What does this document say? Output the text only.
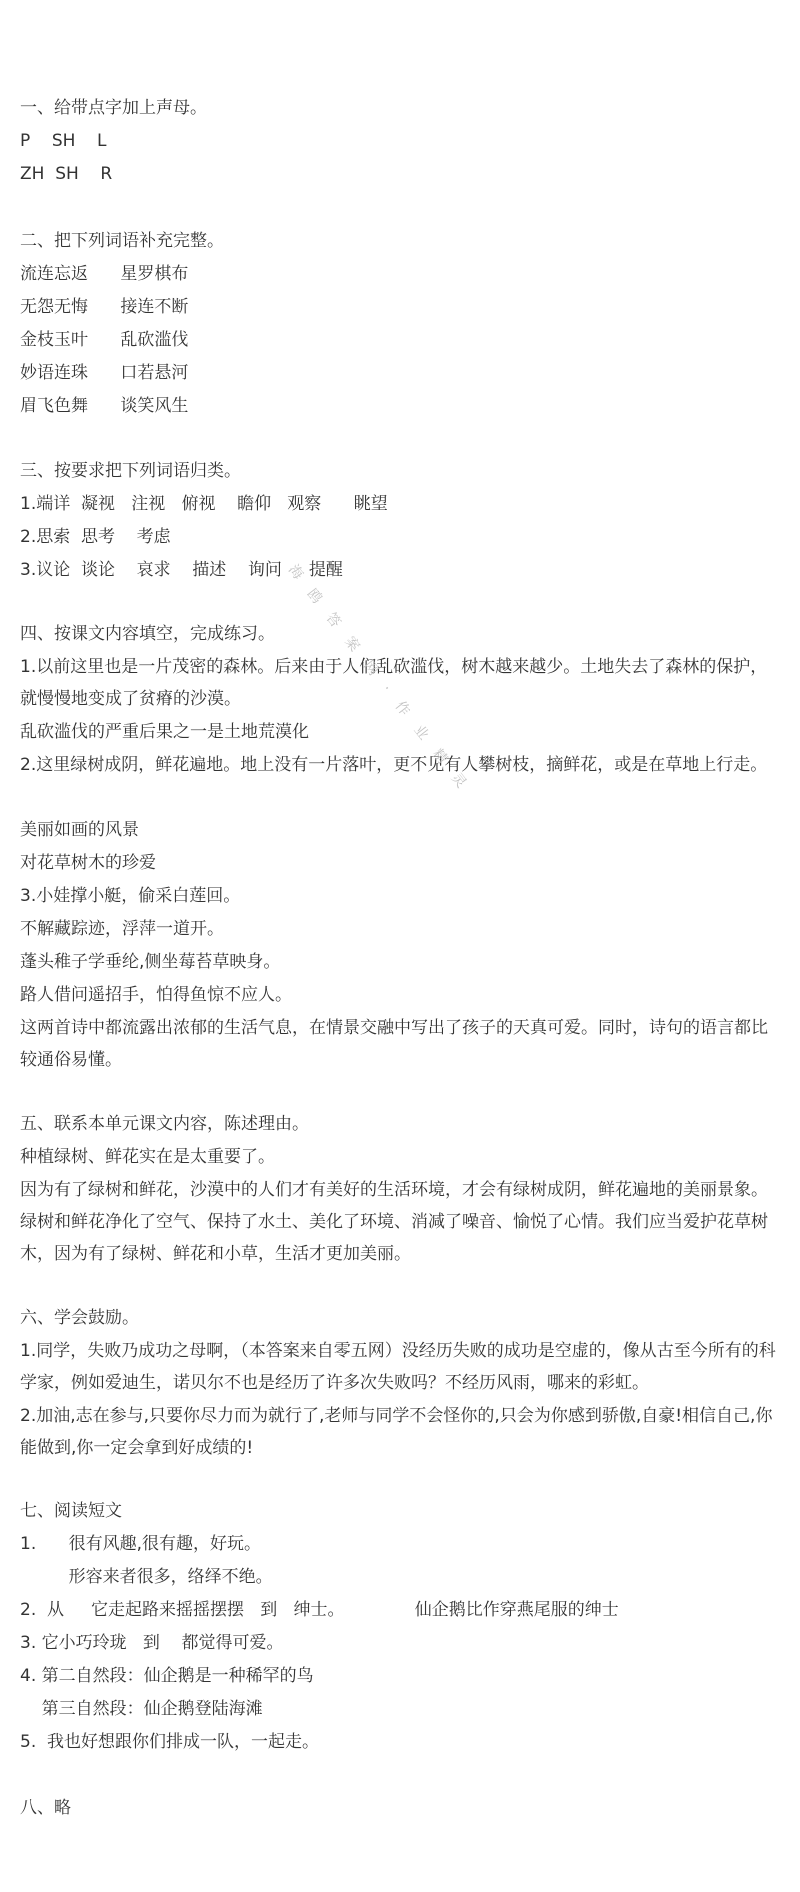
一、给带点字加上声母。
P    SH    L
ZH  SH    R
二、把下列词语补充完整。
流连忘返      星罗棋布
无怨无悔      接连不断
金枝玉叶      乱砍滥伐
妙语连珠      口若悬河
眉飞色舞      谈笑风生
三、按要求把下列词语归类。
1.端详  凝视   注视   俯视    瞻仰   观察      眺望
2.思索  思考    考虑
3.议论  谈论    哀求    描述    询问     提醒
四、按课文内容填空，完成练习。
1.以前这里也是一片茂密的森林。后来由于人们乱砍滥伐，树木越来越少。土地失去了森林的保护，就慢慢地变成了贫瘠的沙漠。
乱砍滥伐的严重后果之一是土地荒漠化
2.这里绿树成阴，鲜花遍地。地上没有一片落叶，更不见有人攀树枝，摘鲜花，或是在草地上行走。
美丽如画的风景
对花草树木的珍爱
3.小娃撑小艇，偷采白莲回。
不解藏踪迹，浮萍一道开。
蓬头稚子学垂纶,侧坐莓苔草映身。
路人借问遥招手，怕得鱼惊不应人。
这两首诗中都流露出浓郁的生活气息，在情景交融中写出了孩子的天真可爱。同时，诗句的语言都比较通俗易懂。
五、联系本单元课文内容，陈述理由。
种植绿树、鲜花实在是太重要了。
因为有了绿树和鲜花，沙漠中的人们才有美好的生活环境，才会有绿树成阴，鲜花遍地的美丽景象。绿树和鲜花净化了空气、保持了水土、美化了环境、消减了噪音、愉悦了心情。我们应当爱护花草树木，因为有了绿树、鲜花和小草，生活才更加美丽。
六、学会鼓励。
1.同学，失败乃成功之母啊，（本答案来自零五网）没经历失败的成功是空虚的，像从古至今所有的科学家，例如爱迪生，诺贝尔不也是经历了许多次失败吗？不经历风雨，哪来的彩虹。
2.加油,志在参与,只要你尽力而为就行了,老师与同学不会怪你的,只会为你感到骄傲,自豪!相信自己,你能做到,你一定会拿到好成绩的!
七、阅读短文
1.      很有风趣,很有趣，好玩。
形容来者很多，络绎不绝。
2.  从     它走起路来摇摇摆摆   到   绅士。             仙企鹅比作穿燕尾服的绅士
3. 它小巧玲珑   到    都觉得可爱。
4. 第二自然段：仙企鹅是一种稀罕的鸟
第三自然段：仙企鹅登陆海滩
5.  我也好想跟你们排成一队，一起走。
八、略
海 鸥 答 案 网 · 作 业 精 灵
